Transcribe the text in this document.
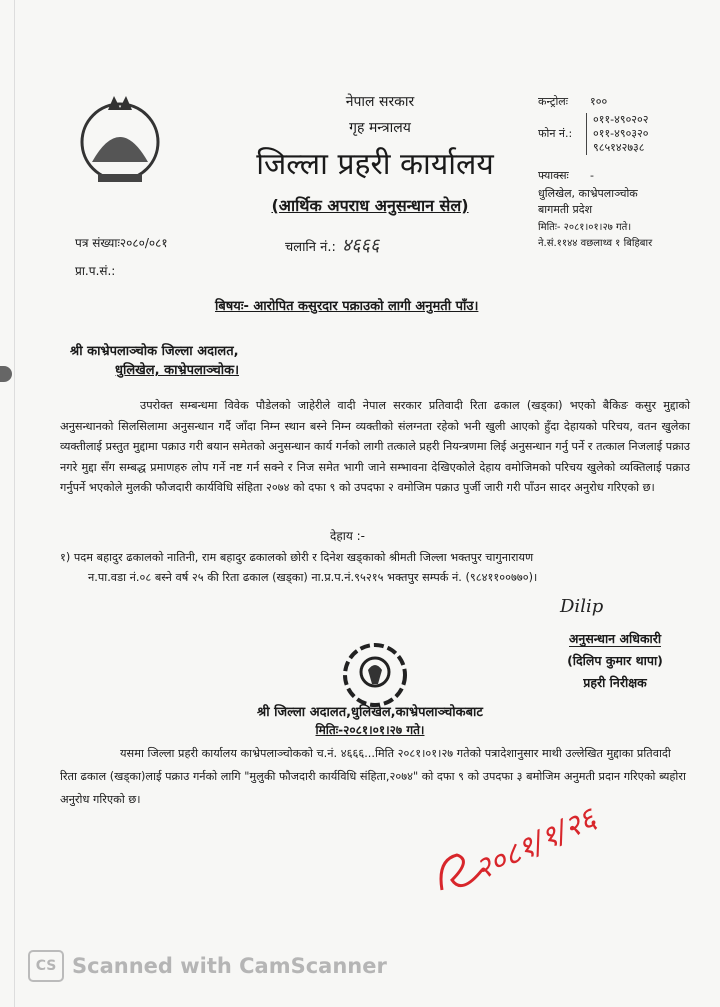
नेपाल सरकार
गृह मन्त्रालय
जिल्ला प्रहरी कार्यालय
(आर्थिक अपराध अनुसन्धान सेल)
पत्र संख्याः२०८०/०८१
प्रा.प.सं.:
चलानि नं.: ४६६६
कन्ट्रोलः	१००
फोन नं.:
०११-४९०२०२
०११-४९०३२०
९८५१४२७३८
फ्याक्सः	-
धुलिखेल, काभ्रेपलाञ्चोक
बागमती प्रदेश
मितिः- २०८१।०१।२७ गते।
ने.सं.११४४ वछलाथ्व १ बिहिबार
बिषयः- आरोपित कसुरदार पक्राउको लागी अनुमती पाँउ।
श्री काभ्रेपलाञ्चोक जिल्ला अदालत,
धुलिखेल, काभ्रेपलाञ्चोक।
उपरोक्त सम्बन्धमा विवेक पौडेलको जाहेरीले वादी नेपाल सरकार प्रतिवादी रिता ढकाल (खड्का) भएको बैकिङ कसुर मुद्दाको अनुसन्धानको सिलसिलामा अनुसन्धान गर्दै जाँदा निम्न स्थान बस्ने निम्न व्यक्तीको संलग्नता रहेको भनी खुली आएको हुँदा देहायको परिचय, वतन खुलेका व्यक्तीलाई प्रस्तुत मुद्दामा पक्राउ गरी बयान समेतको अनुसन्धान कार्य गर्नको लागी तत्काले प्रहरी नियन्त्रणमा लिई अनुसन्धान गर्नु पर्ने र तत्काल निजलाई पक्राउ नगरे मुद्दा सँग सम्बद्ध प्रमाणहरु लोप गर्ने नष्ट गर्न सक्ने र निज समेत भागी जाने सम्भावना देखिएकोले देहाय वमोजिमको परिचय खुलेको व्यक्तिलाई पक्राउ गर्नुपर्ने भएकोले मुलकी फौजदारी कार्यविधि संहिता २०७४ को दफा ९ को उपदफा २ वमोजिम पक्राउ पुर्जी जारी गरी पाँउन सादर अनुरोध गरिएको छ।
देहाय :-
१) पदम बहादुर ढकालको नातिनी, राम बहादुर ढकालको छोरी र दिनेश खड्काको श्रीमती जिल्ला भक्तपुर चागुनारायण
न.पा.वडा नं.०८ बस्ने वर्ष २५ की रिता ढकाल (खड्का) ना.प्र.प.नं.९५२१५ भक्तपुर सम्पर्क नं. (९८४११००७७०)।
Dilip
अनुसन्धान अधिकारी
(दिलिप कुमार थापा)
प्रहरी निरीक्षक
श्री जिल्ला अदालत,धुलिखेल,काभ्रेपलाञ्चोकबाट
मितिः-२०८१।०१।२७ गते।
यसमा जिल्ला प्रहरी कार्यालय काभ्रेपलाञ्चोकको च.नं. ४६६६...मिति २०८१।०१।२७ गतेको पत्रादेशानुसार माथी उल्लेखित मुद्दाका प्रतिवादी रिता ढकाल (खड्का)लाई पक्राउ गर्नको लागि "मुलुकी फौजदारी कार्यविधि संहिता,२०७४" को दफा ९ को उपदफा ३ बमोजिम अनुमती प्रदान गरिएको ब्यहोरा अनुरोध गरिएको छ।
२०८१/१/२६
CS Scanned with CamScanner
